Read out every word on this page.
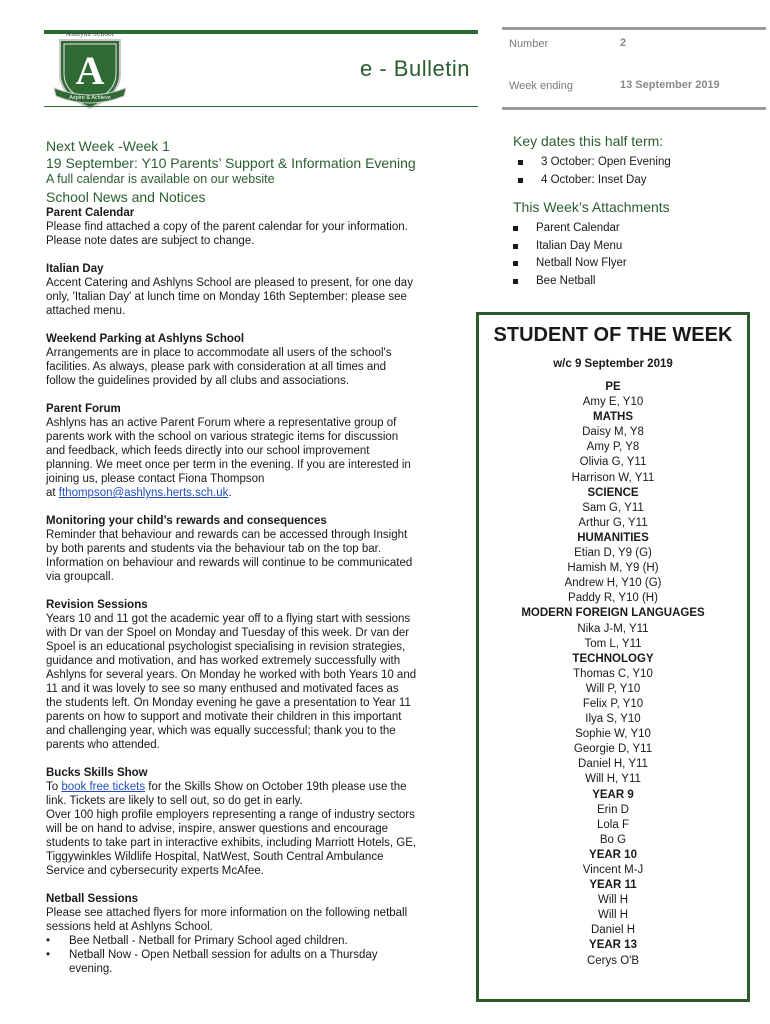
Ashlyns School
A
Aspire & Achieve
e - Bulletin
Number	2
Week ending	13 September 2019
Next Week -Week 1
19 September: Y10 Parents’ Support & Information Evening
A full calendar is available on our website
School News and Notices
Parent Calendar
Please find attached a copy of the parent calendar for your information.
Please note dates are subject to change.
Italian Day
Accent Catering and Ashlyns School are pleased to present, for one day
only, 'Italian Day' at lunch time on Monday 16th September: please see
attached menu.
Weekend Parking at Ashlyns School
Arrangements are in place to accommodate all users of the school's
facilities. As always, please park with consideration at all times and
follow the guidelines provided by all clubs and associations.
Parent Forum
Ashlyns has an active Parent Forum where a representative group of
parents work with the school on various strategic items for discussion
and feedback, which feeds directly into our school improvement
planning. We meet once per term in the evening. If you are interested in
joining us, please contact Fiona Thompson
at fthompson@ashlyns.herts.sch.uk.
Monitoring your child’s rewards and consequences
Reminder that behaviour and rewards can be accessed through Insight
by both parents and students via the behaviour tab on the top bar.
Information on behaviour and rewards will continue to be communicated
via groupcall.
Revision Sessions
Years 10 and 11 got the academic year off to a flying start with sessions
with Dr van der Spoel on Monday and Tuesday of this week. Dr van der
Spoel is an educational psychologist specialising in revision strategies,
guidance and motivation, and has worked extremely successfully with
Ashlyns for several years. On Monday he worked with both Years 10 and
11 and it was lovely to see so many enthused and motivated faces as
the students left. On Monday evening he gave a presentation to Year 11
parents on how to support and motivate their children in this important
and challenging year, which was equally successful; thank you to the
parents who attended.
Bucks Skills Show
To book free tickets for the Skills Show on October 19th please use the
link. Tickets are likely to sell out, so do get in early.
Over 100 high profile employers representing a range of industry sectors
will be on hand to advise, inspire, answer questions and encourage
students to take part in interactive exhibits, including Marriott Hotels, GE,
Tiggywinkles Wildlife Hospital, NatWest, South Central Ambulance
Service and cybersecurity experts McAfee.
Netball Sessions
Please see attached flyers for more information on the following netball
sessions held at Ashlyns School.
• Bee Netball - Netball for Primary School aged children.
• Netball Now - Open Netball session for adults on a Thursday evening.
Key dates this half term:
3 October: Open Evening
4 October: Inset Day
This Week’s Attachments
Parent Calendar
Italian Day Menu
Netball Now Flyer
Bee Netball
STUDENT OF THE WEEK
w/c 9 September 2019
PE
Amy E, Y10
MATHS
Daisy M, Y8
Amy P, Y8
Olivia G, Y11
Harrison W, Y11
SCIENCE
Sam G, Y11
Arthur G, Y11
HUMANITIES
Etian D, Y9 (G)
Hamish M, Y9 (H)
Andrew H, Y10 (G)
Paddy R, Y10 (H)
MODERN FOREIGN LANGUAGES
Nika J-M, Y11
Tom L, Y11
TECHNOLOGY
Thomas C, Y10
Will P, Y10
Felix P, Y10
Ilya S, Y10
Sophie W, Y10
Georgie D, Y11
Daniel H, Y11
Will H, Y11
YEAR 9
Erin D
Lola F
Bo G
YEAR 10
Vincent M-J
YEAR 11
Will H
Will H
Daniel H
YEAR 13
Cerys O'B
